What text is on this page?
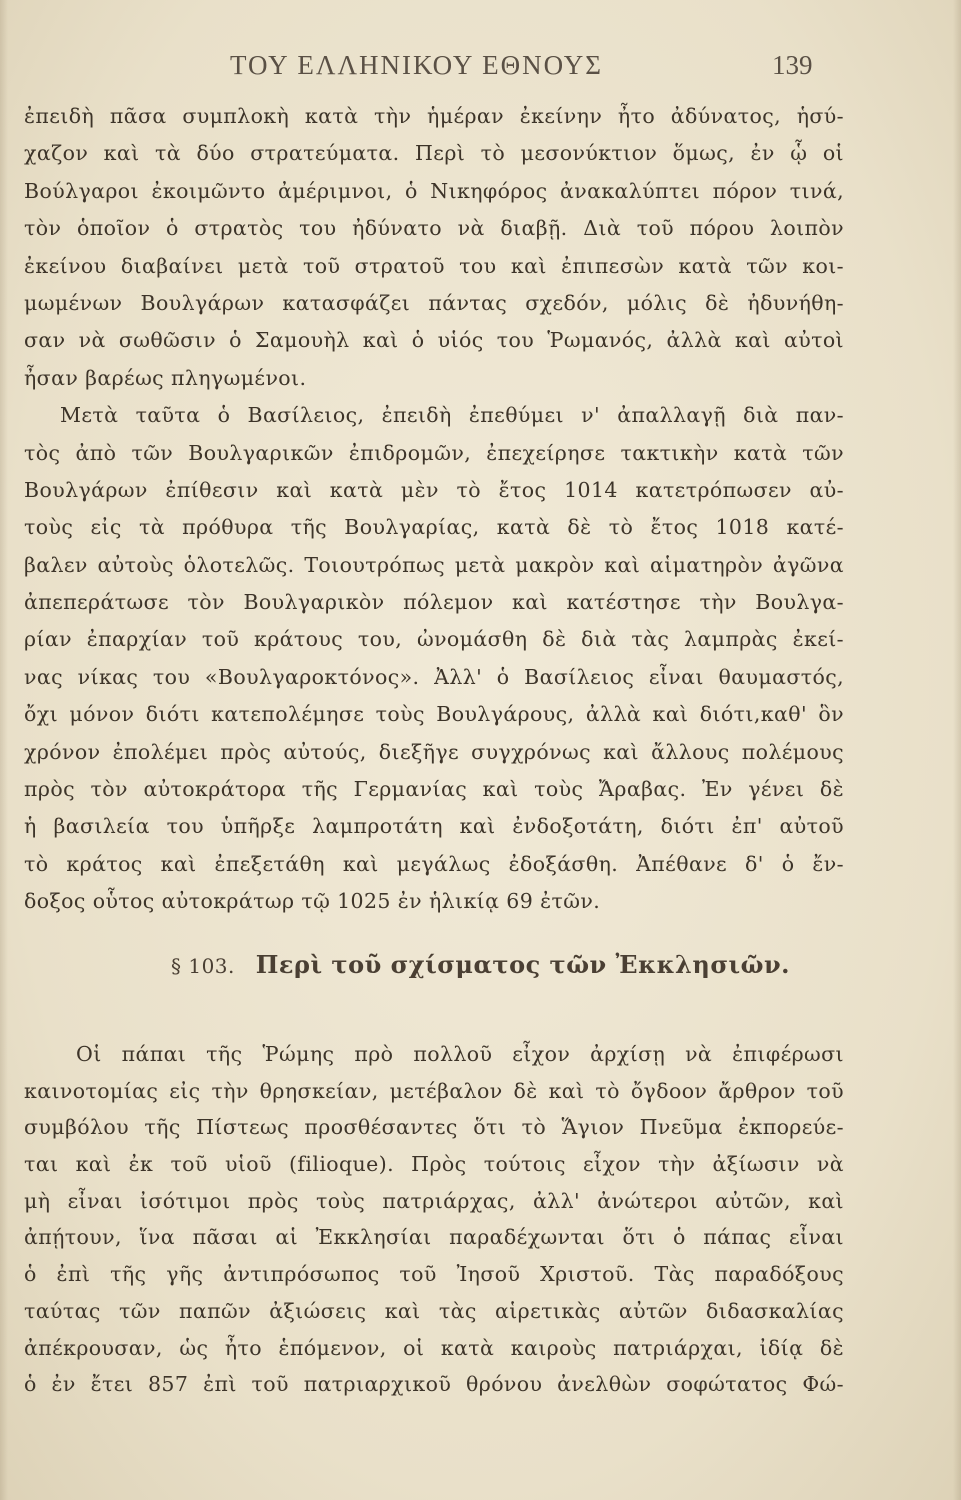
ΤΟΥ ΕΛΛΗΝΙΚΟΥ ΕΘΝΟΥΣ	139
ἐπειδὴ πᾶσα συμπλοκὴ κατὰ τὴν ἡμέραν ἐκείνην ἦτο ἀδύνατος, ἡσύ-
χαζον καὶ τὰ δύο στρατεύματα. Περὶ τὸ μεσονύκτιον ὅμως, ἐν ᾧ οἱ
Βούλγαροι ἐκοιμῶντο ἀμέριμνοι, ὁ Νικηφόρος ἀνακαλύπτει πόρον τινά,
τὸν ὁποῖον ὁ στρατὸς του ἠδύνατο νὰ διαβῇ. Διὰ τοῦ πόρου λοιπὸν
ἐκείνου διαβαίνει μετὰ τοῦ στρατοῦ του καὶ ἐπιπεσὼν κατὰ τῶν κοι-
μωμένων Βουλγάρων κατασφάζει πάντας σχεδόν, μόλις δὲ ἠδυνήθη-
σαν νὰ σωθῶσιν ὁ Σαμουὴλ καὶ ὁ υἱός του Ῥωμανός, ἀλλὰ καὶ αὐτοὶ
ἦσαν βαρέως πληγωμένοι.
Μετὰ ταῦτα ὁ Βασίλειος, ἐπειδὴ ἐπεθύμει ν' ἀπαλλαγῇ διὰ παν-
τὸς ἀπὸ τῶν Βουλγαρικῶν ἐπιδρομῶν, ἐπεχείρησε τακτικὴν κατὰ τῶν
Βουλγάρων ἐπίθεσιν καὶ κατὰ μὲν τὸ ἔτος 1014 κατετρόπωσεν αὐ-
τοὺς εἰς τὰ πρόθυρα τῆς Βουλγαρίας, κατὰ δὲ τὸ ἔτος 1018 κατέ-
βαλεν αὐτοὺς ὁλοτελῶς. Τοιουτρόπως μετὰ μακρὸν καὶ αἱματηρὸν ἀγῶνα
ἀπεπεράτωσε τὸν Βουλγαρικὸν πόλεμον καὶ κατέστησε τὴν Βουλγα-
ρίαν ἐπαρχίαν τοῦ κράτους του, ὠνομάσθη δὲ διὰ τὰς λαμπρὰς ἐκεί-
νας νίκας του «Βουλγαροκτόνος». Ἀλλ' ὁ Βασίλειος εἶναι θαυμαστός,
ὄχι μόνον διότι κατεπολέμησε τοὺς Βουλγάρους, ἀλλὰ καὶ διότι,καθ' ὃν
χρόνον ἐπολέμει πρὸς αὐτούς, διεξῆγε συγχρόνως καὶ ἄλλους πολέμους
πρὸς τὸν αὐτοκράτορα τῆς Γερμανίας καὶ τοὺς Ἄραβας. Ἐν γένει δὲ
ἡ βασιλεία του ὑπῆρξε λαμπροτάτη καὶ ἐνδοξοτάτη, διότι ἐπ' αὐτοῦ
τὸ κράτος καὶ ἐπεξετάθη καὶ μεγάλως ἐδοξάσθη. Ἀπέθανε δ' ὁ ἔν-
δοξος οὗτος αὐτοκράτωρ τῷ 1025 ἐν ἡλικίᾳ 69 ἐτῶν.
§ 103. Περὶ τοῦ σχίσματος τῶν Ἐκκλησιῶν.
Οἱ πάπαι τῆς Ῥώμης πρὸ πολλοῦ εἶχον ἀρχίσῃ νὰ ἐπιφέρωσι
καινοτομίας εἰς τὴν θρησκείαν, μετέβαλον δὲ καὶ τὸ ὄγδοον ἄρθρον τοῦ
συμβόλου τῆς Πίστεως προσθέσαντες ὅτι τὸ Ἅγιον Πνεῦμα ἐκπορεύε-
ται καὶ ἐκ τοῦ υἱοῦ (filioque). Πρὸς τούτοις εἶχον τὴν ἀξίωσιν νὰ
μὴ εἶναι ἰσότιμοι πρὸς τοὺς πατριάρχας, ἀλλ' ἀνώτεροι αὐτῶν, καὶ
ἀπῄτουν, ἵνα πᾶσαι αἱ Ἐκκλησίαι παραδέχωνται ὅτι ὁ πάπας εἶναι
ὁ ἐπὶ τῆς γῆς ἀντιπρόσωπος τοῦ Ἰησοῦ Χριστοῦ. Τὰς παραδόξους
ταύτας τῶν παπῶν ἀξιώσεις καὶ τὰς αἱρετικὰς αὐτῶν διδασκαλίας
ἀπέκρουσαν, ὡς ἦτο ἑπόμενον, οἱ κατὰ καιροὺς πατριάρχαι, ἰδίᾳ δὲ
ὁ ἐν ἔτει 857 ἐπὶ τοῦ πατριαρχικοῦ θρόνου ἀνελθὼν σοφώτατος Φώ-
